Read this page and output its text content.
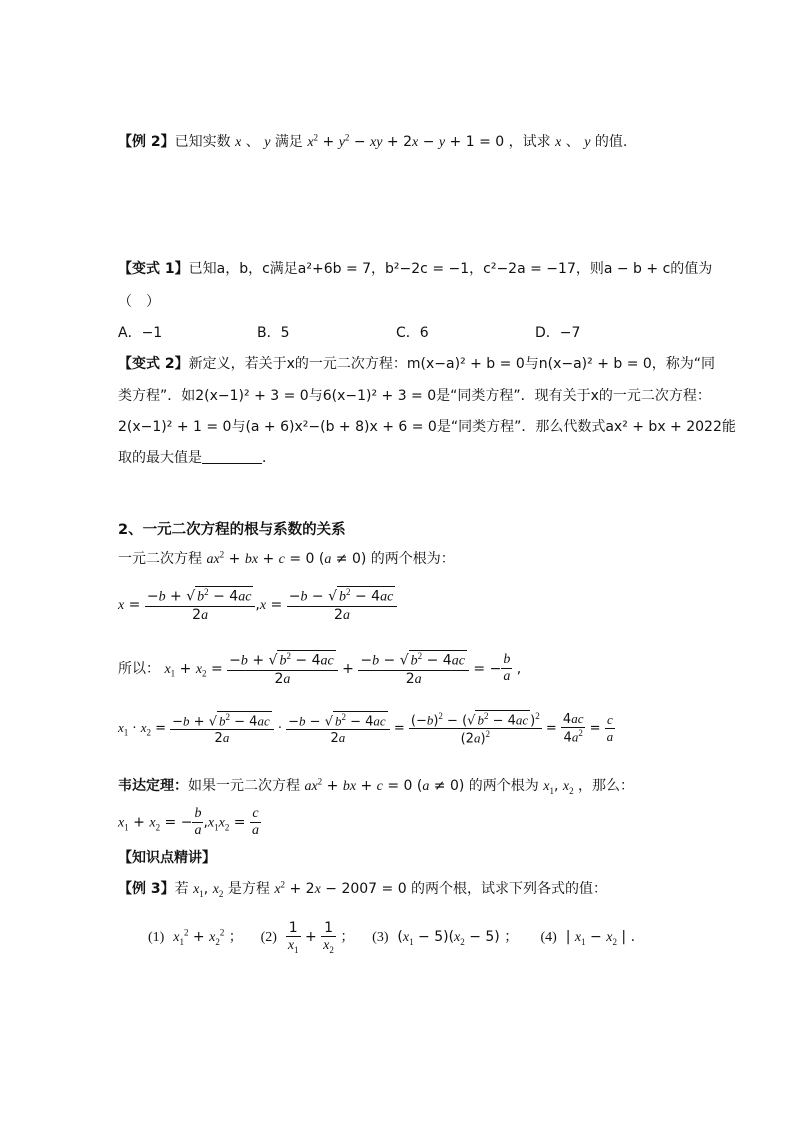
【例 2】已知实数 x 、 y 满足 $x^2 + y^2$ − xy + 2x − y + 1 = 0 ，试求 x 、 y 的值.
【变式 1】已知a，b，c满足a²+6b = 7，b²−2c = −1，c²−2a = −17，则a − b + c的值为
（　）
A．−1	B．5	C．6	D．−7
【变式 2】新定义，若关于x的一元二次方程：m(x−a)² + b = 0与n(x−a)² + b = 0，称为“同
类方程”．如2(x−1)² + 3 = 0与6(x−1)² + 3 = 0是“同类方程”．现有关于x的一元二次方程：
2(x−1)² + 1 = 0与(a + 6)x²−(b + 8)x + 6 = 0是“同类方程”．那么代数式ax² + bx + 2022能
取的最大值是	．
2、一元二次方程的根与系数的关系
一元二次方程 $ax^2$ + bx + c = 0 (a ≠ 0) 的两个根为：
$x = \frac{-b + √ b^2 - 4ac}{2a} ,x = \frac{-b - √ b^2 - 4ac}{2a}$
所以： $x_1 + x_2 = \frac{-b + √ b^2 - 4ac}{2a} + \frac{-b - √ b^2 - 4ac}{2a}$ = − $\frac{b}{a}$ ,
$x_1 \cdot x_2 = \frac{-b + √ b^2 - 4ac}{2a} \cdot \frac{-b - √ b^2 - 4ac}{2a} = \frac{(-b)^2 - (√ b^2 - 4ac )^2}{(2a)^2} = \frac{4ac}{4a^2} = \frac{c}{a}$
韦达定理：如果一元二次方程 $ax^2$ + bx + c = 0 (a ≠ 0) 的两个根为 $x_1$, $x_2$ ，那么：
$x_1 + x_2$ = − $\frac{b}{a} ,x_1x_2 = \frac{c}{a}$
【知识点精讲】
【例 3】若 $x_1$, $x_2$ 是方程 $x^2 + 2x - 2007 = 0$ 的两个根，试求下列各式的值：
(1) $x_1^2 + x_2^2$ ； $(2) \frac{1}{x_1} + \frac{1}{x_2}$ ； (3)  $(x_1 - 5)(x_2 - 5)$ ； (4)  | $x_1 - x_2$ | .
